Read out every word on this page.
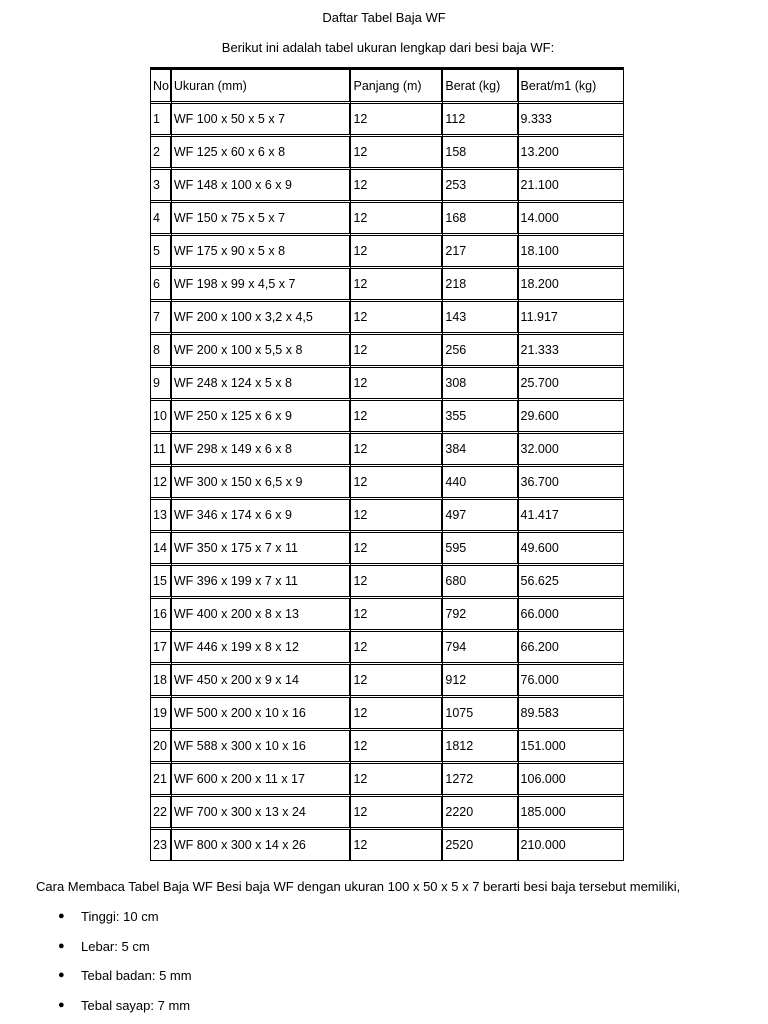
Daftar Tabel Baja WF
Berikut ini adalah tabel ukuran lengkap dari besi baja WF:
No	Ukuran (mm)	Panjang (m)	Berat (kg)	Berat/m1 (kg)
1	WF 100 x 50 x 5 x 7	12	112	9.333
2	WF 125 x 60 x 6 x 8	12	158	13.200
3	WF 148 x 100 x 6 x 9	12	253	21.100
4	WF 150 x 75 x 5 x 7	12	168	14.000
5	WF 175 x 90 x 5 x 8	12	217	18.100
6	WF 198 x 99 x 4,5 x 7	12	218	18.200
7	WF 200 x 100 x 3,2 x 4,5	12	143	11.917
8	WF 200 x 100 x 5,5 x 8	12	256	21.333
9	WF 248 x 124 x 5 x 8	12	308	25.700
10	WF 250 x 125 x 6 x 9	12	355	29.600
11	WF 298 x 149 x 6 x 8	12	384	32.000
12	WF 300 x 150 x 6,5 x 9	12	440	36.700
13	WF 346 x 174 x 6 x 9	12	497	41.417
14	WF 350 x 175 x 7 x 11	12	595	49.600
15	WF 396 x 199 x 7 x 11	12	680	56.625
16	WF 400 x 200 x 8 x 13	12	792	66.000
17	WF 446 x 199 x 8 x 12	12	794	66.200
18	WF 450 x 200 x 9 x 14	12	912	76.000
19	WF 500 x 200 x 10 x 16	12	1075	89.583
20	WF 588 x 300 x 10 x 16	12	1812	151.000
21	WF 600 x 200 x 11 x 17	12	1272	106.000
22	WF 700 x 300 x 13 x 24	12	2220	185.000
23	WF 800 x 300 x 14 x 26	12	2520	210.000
Cara Membaca Tabel Baja WF Besi baja WF dengan ukuran 100 x 50 x 5 x 7 berarti besi baja tersebut memiliki,
● Tinggi: 10 cm
● Lebar: 5 cm
● Tebal badan: 5 mm
● Tebal sayap: 7 mm
